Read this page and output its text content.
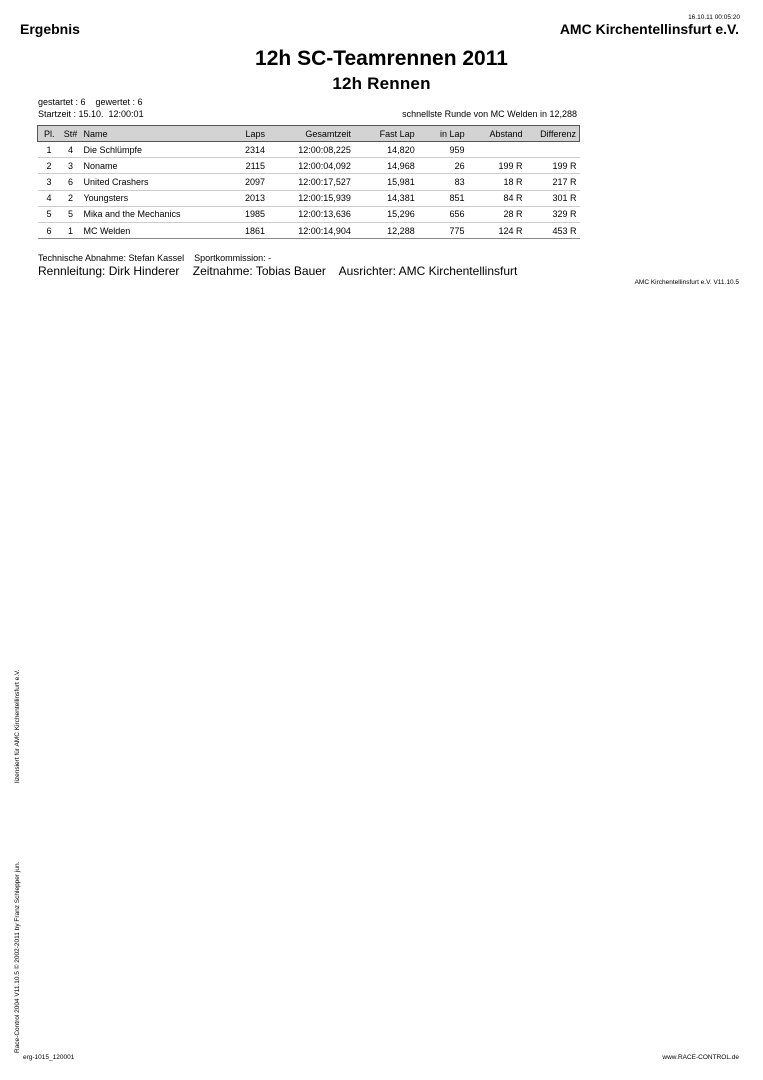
16.10.11 00:05:20
Ergebnis	AMC Kirchentellinsfurt e.V.
12h SC-Teamrennen 2011
12h Rennen
gestartet : 6    gewertet : 6
Startzeit : 15.10.  12:00:01	schnellste Runde von MC Welden in 12,288
Pl.	St#	Name	Laps	Gesamtzeit	Fast Lap	in Lap	Abstand	Differenz
1	4	Die Schlümpfe	2314	12:00:08,225	14,820	959		
2	3	Noname	2115	12:00:04,092	14,968	26	199 R	199 R
3	6	United Crashers	2097	12:00:17,527	15,981	83	18 R	217 R
4	2	Youngsters	2013	12:00:15,939	14,381	851	84 R	301 R
5	5	Mika and the Mechanics	1985	12:00:13,636	15,296	656	28 R	329 R
6	1	MC Welden	1861	12:00:14,904	12,288	775	124 R	453 R
Technische Abnahme: Stefan Kassel    Sportkommission: -
Rennleitung: Dirk Hinderer    Zeitnahme: Tobias Bauer    Ausrichter: AMC Kirchentellinsfurt
AMC Kirchentellinsfurt e.V. V11.10.5
lizensiert für AMC Kirchentellinsfurt e.V.
Race-Control 2004 V11.10.5 © 2002-2011 by Franz Schlepper jun.
erg-1015_120001	www.RACE-CONTROL.de
